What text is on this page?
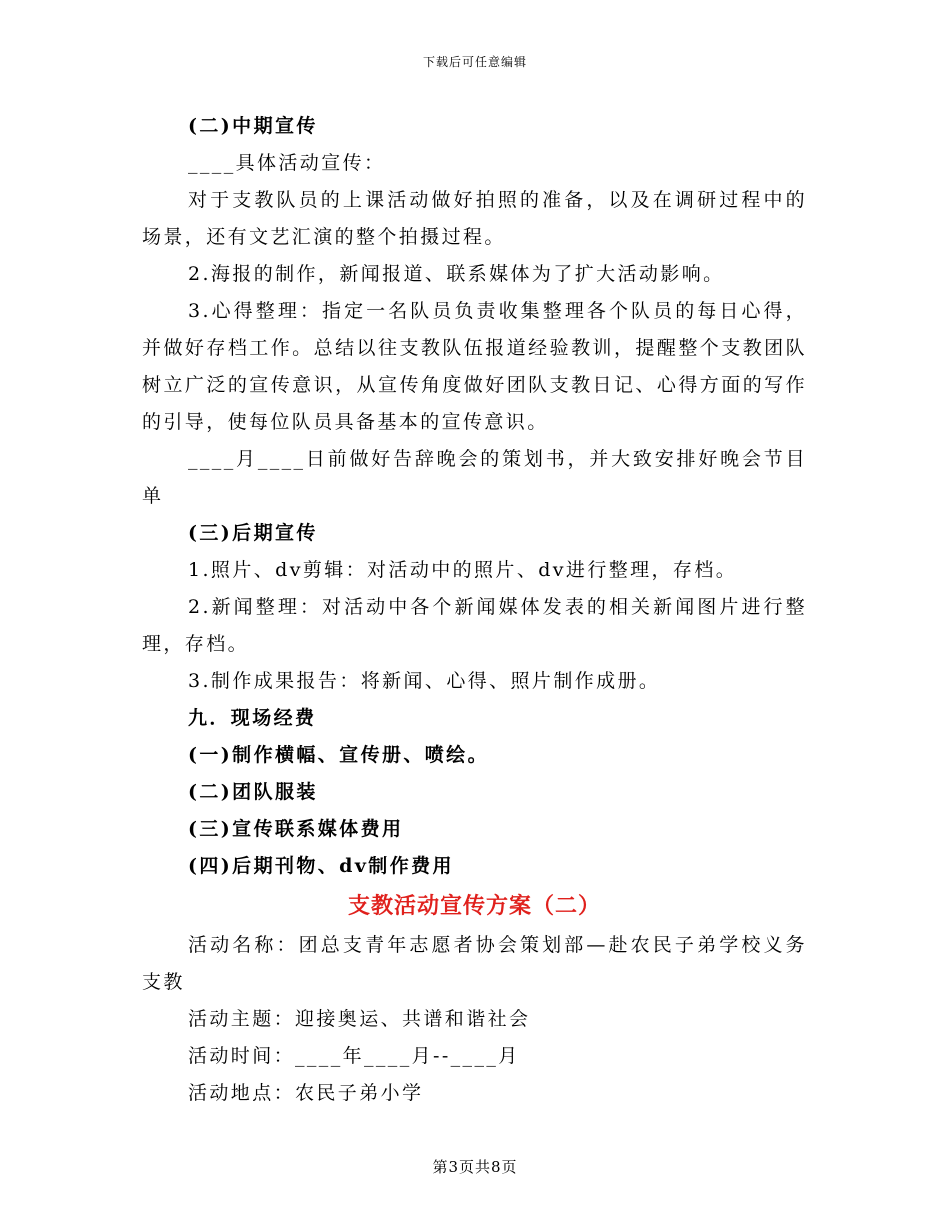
下载后可任意编辑

(二)中期宣传

____具体活动宣传：

对于支教队员的上课活动做好拍照的准备，以及在调研过程中的场景，还有文艺汇演的整个拍摄过程。

2.海报的制作，新闻报道、联系媒体为了扩大活动影响。

3.心得整理：指定一名队员负责收集整理各个队员的每日心得，并做好存档工作。总结以往支教队伍报道经验教训，提醒整个支教团队树立广泛的宣传意识，从宣传角度做好团队支教日记、心得方面的写作的引导，使每位队员具备基本的宣传意识。

____月____日前做好告辞晚会的策划书，并大致安排好晚会节目单

(三)后期宣传

1.照片、dv剪辑：对活动中的照片、dv进行整理，存档。

2.新闻整理：对活动中各个新闻媒体发表的相关新闻图片进行整理，存档。

3.制作成果报告：将新闻、心得、照片制作成册。

九．现场经费

(一)制作横幅、宣传册、喷绘。

(二)团队服装

(三)宣传联系媒体费用

(四)后期刊物、dv制作费用

支教活动宣传方案（二）

活动名称：团总支青年志愿者协会策划部—赴农民子弟学校义务支教

活动主题：迎接奥运、共谱和谐社会

活动时间：____年____月--____月

活动地点：农民子弟小学

第3页共8页
